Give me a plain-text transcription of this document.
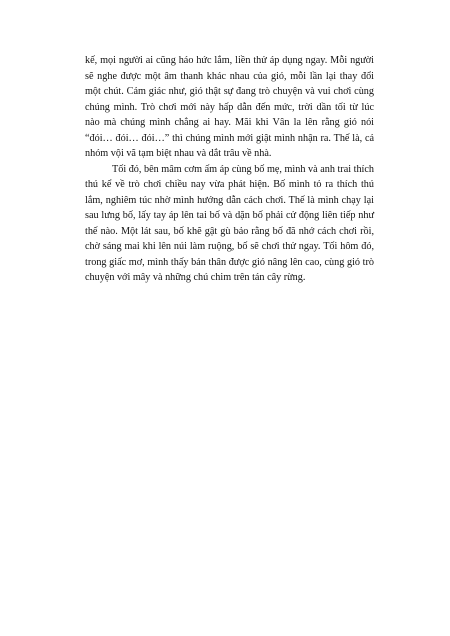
kế, mọi người ai cũng háo hức lắm, liền thử áp dụng ngay. Mỗi người sẽ nghe được một âm thanh khác nhau của gió, mỗi lần lại thay đổi một chút. Cảm giác như, gió thật sự đang trò chuyện và vui chơi cùng chúng mình. Trò chơi mới này hấp dẫn đến mức, trời dần tối từ lúc nào mà chúng mình chẳng ai hay. Mãi khi Vân la lên rằng gió nói “đói… đói… đói…” thì chúng mình mới giật mình nhận ra. Thế là, cả nhóm vội vã tạm biệt nhau và dắt trâu về nhà.

Tối đó, bên mâm cơm ấm áp cùng bố mẹ, mình và anh trai thích thú kể về trò chơi chiều nay vừa phát hiện. Bố mình tỏ ra thích thú lắm, nghiêm túc nhờ mình hướng dẫn cách chơi. Thế là mình chạy lại sau lưng bố, lấy tay áp lên tai bố và dặn bố phải cử động liên tiếp như thế nào. Một lát sau, bố khẽ gật gù bảo rằng bố đã nhớ cách chơi rồi, chờ sáng mai khi lên núi làm ruộng, bố sẽ chơi thử ngay. Tối hôm đó, trong giấc mơ, mình thấy bản thân được gió nâng lên cao, cùng gió trò chuyện với mây và những chú chim trên tán cây rừng.
